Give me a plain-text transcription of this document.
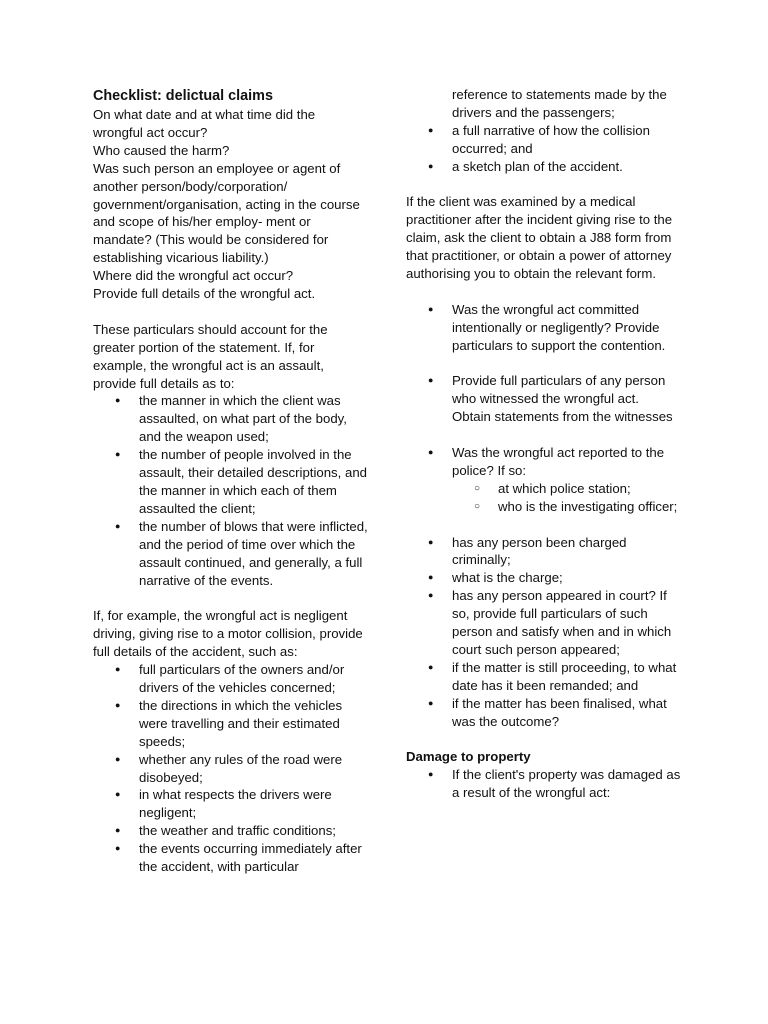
Checklist: delictual claims

On what date and at what time did the wrongful act occur?

Who caused the harm?

Was such person an employee or agent of another person/body/corporation/ government/organisation, acting in the course and scope of his/her employ- ment or mandate? (This would be considered for establishing vicarious liability.)

Where did the wrongful act occur?

Provide full details of the wrongful act.

These particulars should account for the greater portion of the statement. If, for example, the wrongful act is an assault, provide full details as to:

● the manner in which the client was assaulted, on what part of the body, and the weapon used;
● the number of people involved in the assault, their detailed descriptions, and the manner in which each of them assaulted the client;
● the number of blows that were inflicted, and the period of time over which the assault continued, and generally, a full narrative of the events.

If, for example, the wrongful act is negligent driving, giving rise to a motor collision, provide full details of the accident, such as:

● full particulars of the owners and/or drivers of the vehicles concerned;
● the directions in which the vehicles were travelling and their estimated speeds;
● whether any rules of the road were disobeyed;
● in what respects the drivers were negligent;
● the weather and traffic conditions;
● the events occurring immediately after the accident, with particular

reference to statements made by the drivers and the passengers;

● a full narrative of how the collision occurred; and
● a sketch plan of the accident.

If the client was examined by a medical practitioner after the incident giving rise to the claim, ask the client to obtain a J88 form from that practitioner, or obtain a power of attorney authorising you to obtain the relevant form.

● Was the wrongful act committed intentionally or negligently? Provide particulars to support the contention.
● Provide full particulars of any person who witnessed the wrongful act. Obtain statements from the witnesses
● Was the wrongful act reported to the police? If so:
○ at which police station;
○ who is the investigating officer;
● has any person been charged criminally;
● what is the charge;
● has any person appeared in court? If so, provide full particulars of such person and satisfy when and in which court such person appeared;
● if the matter is still proceeding, to what date has it been remanded; and
● if the matter has been finalised, what was the outcome?

Damage to property

● If the client's property was damaged as a result of the wrongful act:
